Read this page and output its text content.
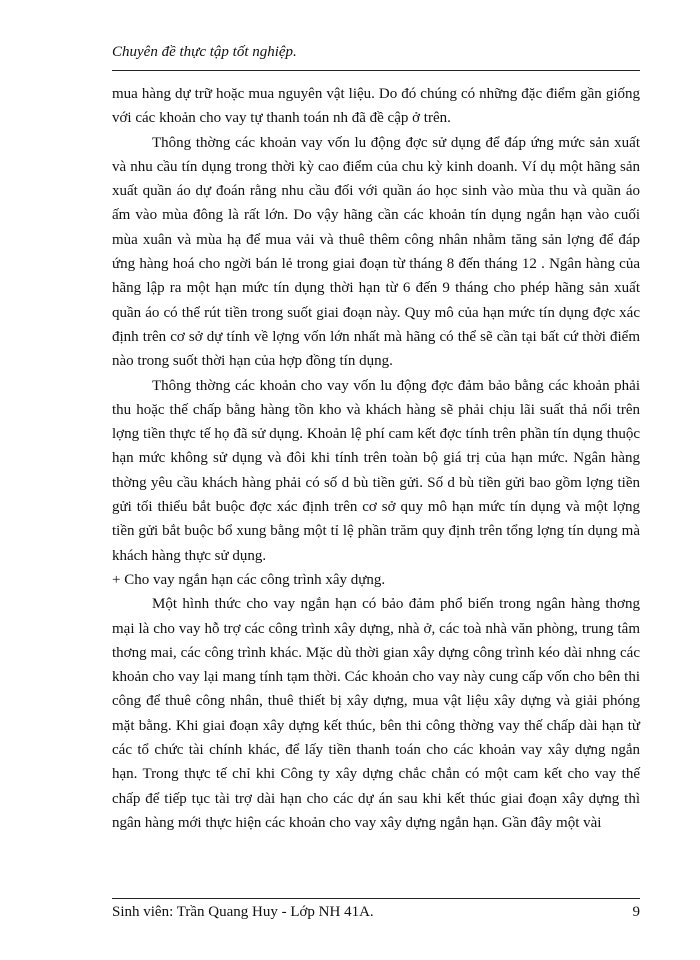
Chuyên đề thực tập tốt nghiệp.

mua hàng dự trữ hoặc mua nguyên vật liệu. Do đó chúng có những đặc điểm gần giống với các khoản cho vay tự thanh toán nh đã đề cập ở trên.

Thông thờng các khoản vay vốn lu động đợc sử dụng để đáp ứng mức sản xuất và nhu cầu tín dụng trong thời kỳ cao điểm của chu kỳ kinh doanh. Ví dụ một hãng sản xuất quần áo dự đoán rằng nhu cầu đối với quần áo học sinh vào mùa thu và quần áo ấm vào mùa đông là rất lớn. Do vậy hãng cần các khoản tín dụng ngắn hạn vào cuối mùa xuân và mùa hạ để mua vải và thuê thêm công nhân nhằm tăng sản lợng để đáp ứng hàng hoá cho ngời bán lẻ trong giai đoạn từ tháng 8 đến tháng 12 . Ngân hàng của hãng lập ra một hạn mức tín dụng thời hạn từ 6 đến 9 tháng cho phép hãng sản xuất quần áo có thể rút tiền trong suốt giai đoạn này. Quy mô của hạn mức tín dụng đợc xác định trên cơ sở dự tính về lợng vốn lớn nhất mà hãng có thể sẽ cần tại bất cứ thời điểm nào trong suốt thời hạn của hợp đồng tín dụng.

Thông thờng các khoản cho vay vốn lu động đợc đảm bảo bằng các khoản phải thu hoặc thế chấp bằng hàng tồn kho và khách hàng sẽ phải chịu lãi suất thả nổi trên lợng tiền thực tế họ đã sử dụng. Khoản lệ phí cam kết đợc tính trên phần tín dụng thuộc hạn mức không sử dụng và đôi khi tính trên toàn bộ giá trị của hạn mức. Ngân hàng thờng yêu cầu khách hàng phải có số d bù tiền gửi. Số d bù tiền gửi bao gồm lợng tiền gửi tối thiểu bắt buộc đợc xác định trên cơ sở quy mô hạn mức tín dụng và một lợng tiền gửi bắt buộc bổ xung bằng một tỉ lệ phần trăm quy định trên tổng lợng tín dụng mà khách hàng thực sử dụng.

+ Cho vay ngắn hạn các công trình xây dựng.

Một hình thức cho vay ngắn hạn có bảo đảm phổ biến trong ngân hàng thơng mại là cho vay hỗ trợ các công trình xây dựng, nhà ở, các toà nhà văn phòng, trung tâm thơng mai, các công trình khác. Mặc dù thời gian xây dựng công trình kéo dài nhng các khoản cho vay lại mang tính tạm thời. Các khoản cho vay này cung cấp vốn cho bên thi công để thuê công nhân, thuê thiết bị xây dựng, mua vật liệu xây dựng và giải phóng mặt bằng. Khi giai đoạn xây dựng kết thúc, bên thi công thờng vay thế chấp dài hạn từ các tổ chức tài chính khác, để lấy tiền thanh toán cho các khoản vay xây dựng ngắn hạn. Trong thực tế chỉ khi Công ty xây dựng chắc chắn có một cam kết cho vay thế chấp để tiếp tục tài trợ dài hạn cho các dự án sau khi kết thúc giai đoạn xây dựng thì ngân hàng mới thực hiện các khoản cho vay xây dựng ngắn hạn. Gần đây một vài

Sinh viên: Trần Quang Huy - Lớp NH 41A.	9
